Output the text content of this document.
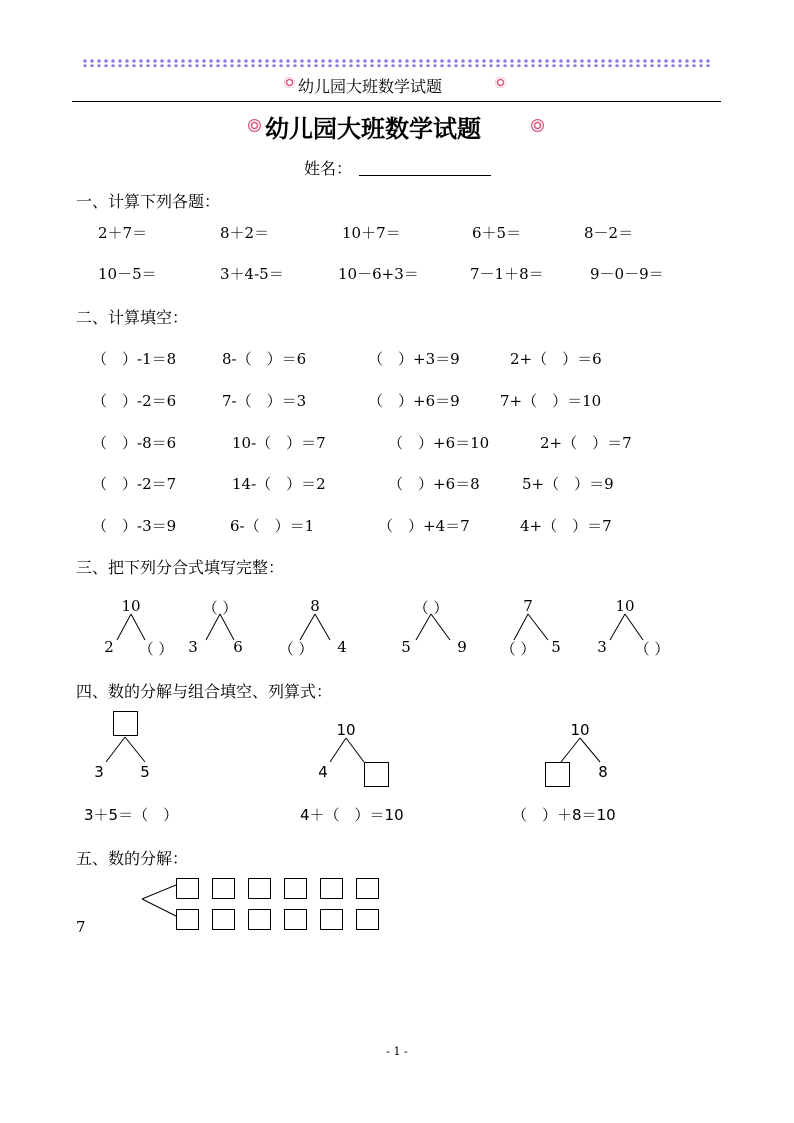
幼儿园大班数学试题
幼儿园大班数学试题
姓名：
一、计算下列各题：
2＋7＝	8＋2＝	10＋7＝	6＋5＝	8－2＝
10－5＝	3＋4-5＝	10－6+3＝	7－1＋8＝	9－0－9＝
二、计算填空：
（　）-1＝8	8-（　）＝6	（　）+3＝9	2+（　）＝6
（　）-2＝6	7-（　）＝3	（　）+6＝9	7+（　）＝10
（　）-8＝6	10-（　）＝7	（　）+6＝10	2+（　）＝7
（　）-2＝7	14-（　）＝2	（　）+6＝8	5+（　）＝9
（　）-3＝9	6-（　）＝1	（　）+4＝7	4+（　）＝7
三、把下列分合式填写完整：
10
2 （ ）
（ ）
3 6
8
（ ） 4
（ ）
5	9
7
（ ） 5
10
3 （ ）
四、数的分解与组合填空、列算式：
3 5
10
4
10
8
3＋5＝（　）	4＋（　）＝10	（　）＋8＝10
五、数的分解：
7
- 1 -
